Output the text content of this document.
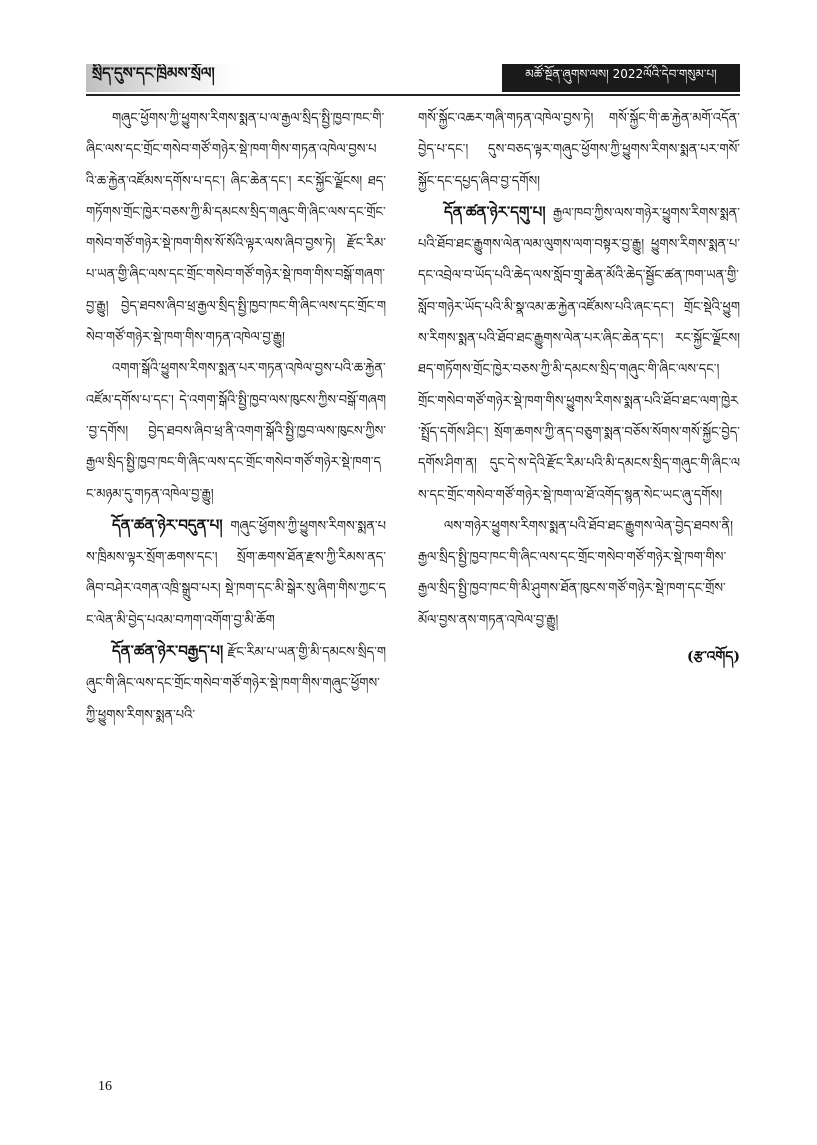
སྲིད་དུས་དང་ཁྲིམས་སྲོལ།	མཚོ་སྔོན་ཞུགས་ལས། 2022ལོའི་དེབ་གསུམ་པ།

གཞུང་ཕྱོགས་ཀྱི་ཕྱུགས་རིགས་སྨན་པ་ལ་རྒྱལ་སྲིད་སྤྱི་ཁྱབ་ཁང་གི་ཞིང་ལས་དང་གྲོང་གསེབ་གཙོ་གཉེར་སྡེ་ཁག་གིས་གཏན་འཁེལ་བྱས་པའི་ཆ་རྐྱེན་འཛོམས་དགོས་པ་དང་། ཞིང་ཆེན་དང་། རང་སྐྱོང་ལྗོངས། ཐད་གཏོགས་གྲོང་ཁྱེར་བཅས་ཀྱི་མི་དམངས་སྲིད་གཞུང་གི་ཞིང་ལས་དང་གྲོང་གསེབ་གཙོ་གཉེར་སྡེ་ཁག་གིས་སོ་སོའི་ལྟར་ལས་ཞིབ་བྱས་ཏེ། རྫོང་རིམ་པ་ཡན་གྱི་ཞིང་ལས་དང་གྲོང་གསེབ་གཙོ་གཉེར་སྡེ་ཁག་གིས་བསྒོ་གཞག་བྱ་རྒྱུ། བྱེད་ཐབས་ཞིབ་ཕྲ་རྒྱལ་སྲིད་སྤྱི་ཁྱབ་ཁང་གི་ཞིང་ལས་དང་གྲོང་གསེབ་གཙོ་གཉེར་སྡེ་ཁག་གིས་གཏན་འཁེལ་བྱ་རྒྱུ།

འགག་སྒོའི་ཕྱུགས་རིགས་སྨན་པར་གཏན་འཁེལ་བྱས་པའི་ཆ་རྐྱེན་འཛོམ་དགོས་པ་དང་། དེ་འགག་སྒོའི་སྤྱི་ཁྱབ་ལས་ཁུངས་ཀྱིས་བསྒོ་གཞག་བྱ་དགོས། བྱེད་ཐབས་ཞིབ་ཕྲ་ནི་འགག་སྒོའི་སྤྱི་ཁྱབ་ལས་ཁུངས་ཀྱིས་རྒྱལ་སྲིད་སྤྱི་ཁྱབ་ཁང་གི་ཞིང་ལས་དང་གྲོང་གསེབ་གཙོ་གཉེར་སྡེ་ཁག་དང་མཉམ་དུ་གཏན་འཁེལ་བྱ་རྒྱུ།

དོན་ཚན་ཉེར་བདུན་པ། གཞུང་ཕྱོགས་ཀྱི་ཕྱུགས་རིགས་སྨན་པས་ཁྲིམས་ལྟར་སྲོག་ཆགས་དང་། སྲོག་ཆགས་ཐོན་རྫས་ཀྱི་རིམས་ནད་ཞིབ་བཤེར་འགན་འཁྲི་སྒྲུབ་པར། སྡེ་ཁག་དང་མི་སྒེར་སུ་ཞིག་གིས་ཀྱང་དང་ལེན་མི་བྱེད་པའམ་བཀག་འགོག་བྱ་མི་ཆོག

དོན་ཚན་ཉེར་བརྒྱད་པ། རྫོང་རིམ་པ་ཡན་གྱི་མི་དམངས་སྲིད་གཞུང་གི་ཞིང་ལས་དང་གྲོང་གསེབ་གཙོ་གཉེར་སྡེ་ཁག་གིས་གཞུང་ཕྱོགས་ཀྱི་ཕྱུགས་རིགས་སྨན་པའི་

གསོ་སྐྱོང་འཆར་གཞི་གཏན་འཁེལ་བྱས་ཏེ། གསོ་སྐྱོང་གི་ཆ་རྐྱེན་མགོ་འདོན་བྱེད་པ་དང་། དུས་བཅད་ལྟར་གཞུང་ཕྱོགས་ཀྱི་ཕྱུགས་རིགས་སྨན་པར་གསོ་སྐྱོང་དང་དཔྱད་ཞིབ་བྱ་དགོས།

དོན་ཚན་ཉེར་དགུ་པ། རྒྱལ་ཁབ་ཀྱིས་ལས་གཉེར་ཕྱུགས་རིགས་སྨན་པའི་ཐོབ་ཐང་རྒྱུགས་ལེན་ལམ་ལུགས་ལག་བསྟར་བྱ་རྒྱུ། ཕྱུགས་རིགས་སྨན་པ་དང་འབྲེལ་བ་ཡོད་པའི་ཆེད་ལས་སློབ་གྲྭ་ཆེན་མོའི་ཆེད་སྦྱོང་ཚན་ཁག་ཡན་གྱི་སློབ་གཉེར་ཡོད་པའི་མི་སྣ་འམ་ཆ་རྐྱེན་འཛོམས་པའི་ཞང་དང་། གྲོང་སྡེའི་ཕྱུགས་རིགས་སྨན་པའི་ཐོབ་ཐང་རྒྱུགས་ལེན་པར་ཞིང་ཆེན་དང་། རང་སྐྱོང་ལྗོངས། ཐད་གཏོགས་གྲོང་ཁྱེར་བཅས་ཀྱི་མི་དམངས་སྲིད་གཞུང་གི་ཞིང་ལས་དང་། གྲོང་གསེབ་གཙོ་གཉེར་སྡེ་ཁག་གིས་ཕྱུགས་རིགས་སྨན་པའི་ཐོབ་ཐང་ལག་ཁྱེར་སྤྲོད་དགོས་ཤིང་། སྲོག་ཆགས་ཀྱི་ནད་བཅུག་སྨན་བཅོས་སོགས་གསོ་སྐྱོང་བྱེད་དགོས་ཤིག་ན། དུང་དེ་ས་དེའི་རྫོང་རིམ་པའི་མི་དམངས་སྲིད་གཞུང་གི་ཞིང་ལས་དང་གྲོང་གསེབ་གཙོ་གཉེར་སྡེ་ཁག་ལ་ཐོ་འགོད་སྙན་སེང་ཡང་ཞུ་དགོས།

ལས་གཉེར་ཕྱུགས་རིགས་སྨན་པའི་ཐོབ་ཐང་རྒྱུགས་ལེན་བྱེད་ཐབས་ནི། རྒྱལ་སྲིད་སྤྱི་ཁྱབ་ཁང་གི་ཞིང་ལས་དང་གྲོང་གསེབ་གཙོ་གཉེར་སྡེ་ཁག་གིས་རྒྱལ་སྲིད་སྤྱི་ཁྱབ་ཁང་གི་མི་ཤུགས་ཐོན་ཁུངས་གཙོ་གཉེར་སྡེ་ཁག་དང་གྲོས་མོལ་བྱས་ནས་གཏན་འཁེལ་བྱ་རྒྱུ།

(རྩ་འགོད)
16
